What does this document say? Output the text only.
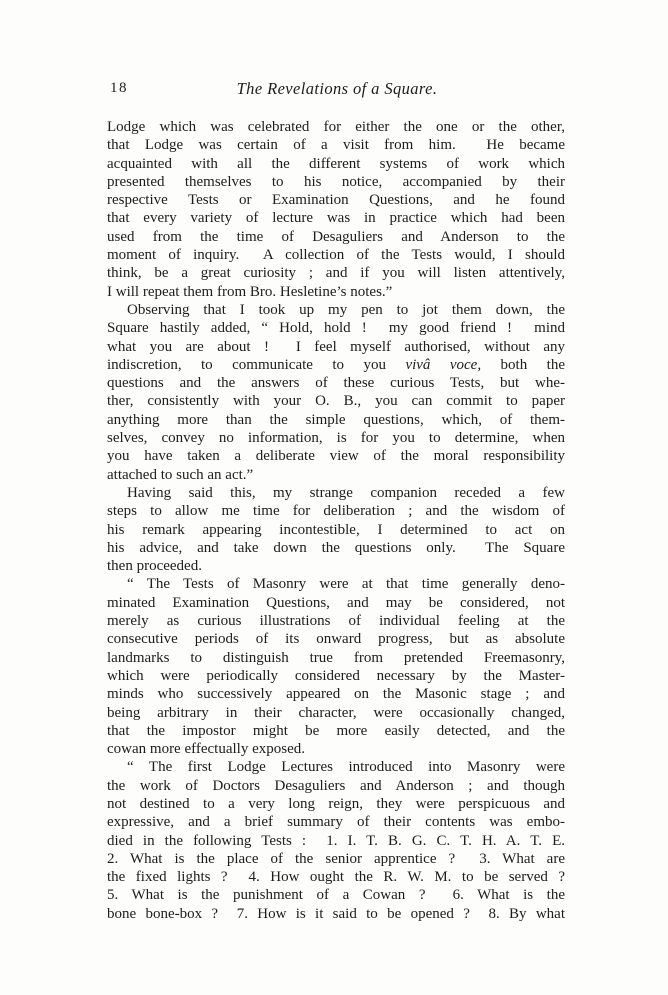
18	The Revelations of a Square.
Lodge which was celebrated for either the one or the other,
that Lodge was certain of a visit from him.  He became
acquainted with all the different systems of work which
presented themselves to his notice, accompanied by their
respective Tests or Examination Questions, and he found
that every variety of lecture was in practice which had been
used from the time of Desaguliers and Anderson to the
moment of inquiry.  A collection of the Tests would, I should
think, be a great curiosity ; and if you will listen attentively,
I will repeat them from Bro. Hesletine’s notes.”
Observing that I took up my pen to jot them down, the
Square hastily added, “ Hold, hold !  my good friend !  mind
what you are about !  I feel myself authorised, without any
indiscretion, to communicate to you vivâ voce, both the
questions and the answers of these curious Tests, but whe-
ther, consistently with your O. B., you can commit to paper
anything more than the simple questions, which, of them-
selves, convey no information, is for you to determine, when
you have taken a deliberate view of the moral responsibility
attached to such an act.”
Having said this, my strange companion receded a few
steps to allow me time for deliberation ; and the wisdom of
his remark appearing incontestible, I determined to act on
his advice, and take down the questions only.  The Square
then proceeded.
“ The Tests of Masonry were at that time generally deno-
minated Examination Questions, and may be considered, not
merely as curious illustrations of individual feeling at the
consecutive periods of its onward progress, but as absolute
landmarks to distinguish true from pretended Freemasonry,
which were periodically considered necessary by the Master-
minds who successively appeared on the Masonic stage ; and
being arbitrary in their character, were occasionally changed,
that the impostor might be more easily detected, and the
cowan more effectually exposed.
“ The first Lodge Lectures introduced into Masonry were
the work of Doctors Desaguliers and Anderson ; and though
not destined to a very long reign, they were perspicuous and
expressive, and a brief summary of their contents was embo-
died in the following Tests :  1. I. T. B. G. C. T. H. A. T. E.
2. What is the place of the senior apprentice ?  3. What are
the fixed lights ?  4. How ought the R. W. M. to be served ?
5. What is the punishment of a Cowan ?  6. What is the
bone bone-box ?  7. How is it said to be opened ?  8. By what
